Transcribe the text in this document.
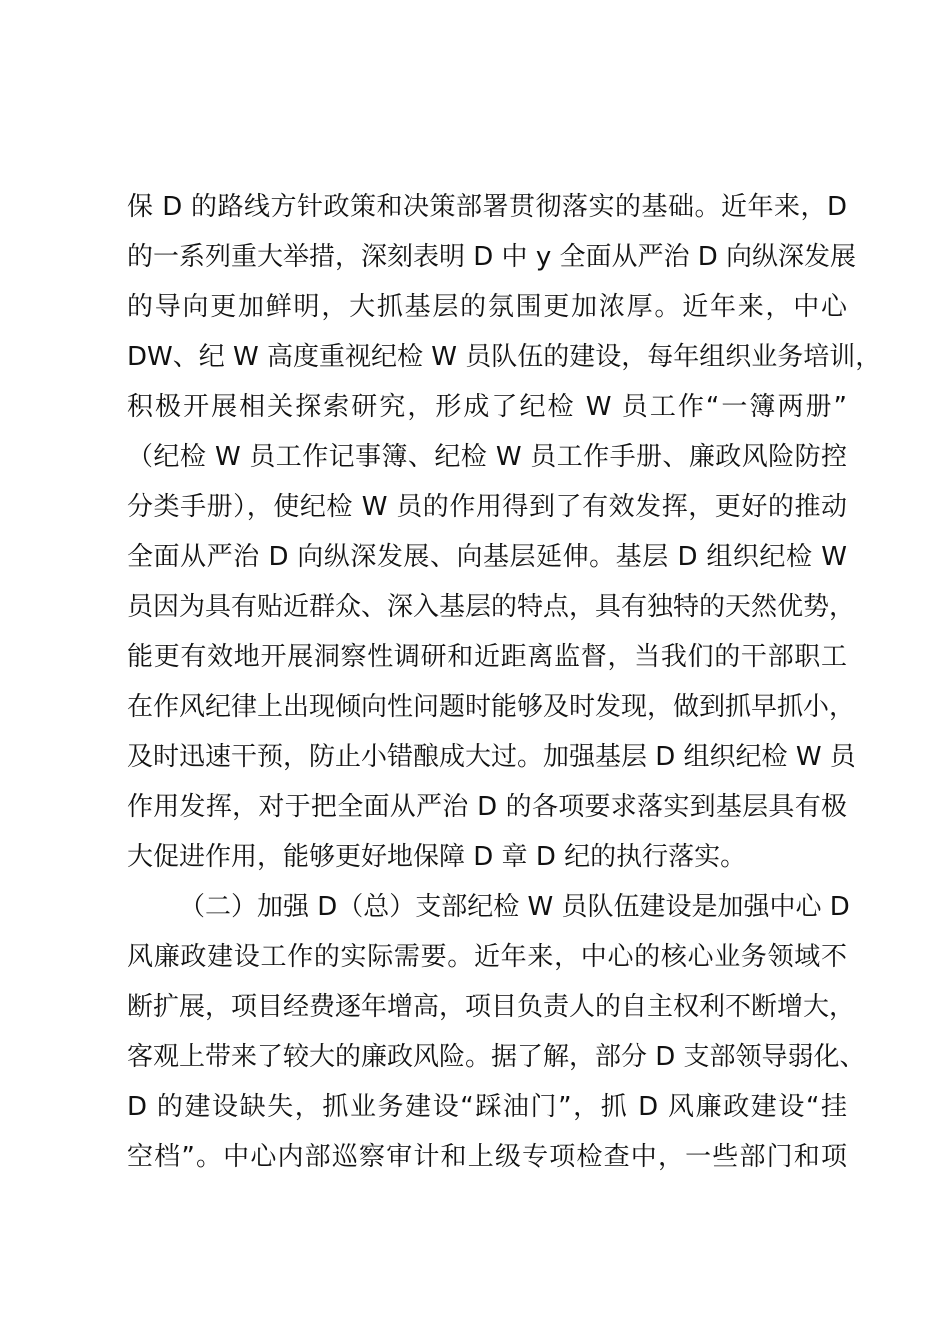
保 D 的路线方针政策和决策部署贯彻落实的基础。近年来，D
的一系列重大举措，深刻表明 D 中 y 全面从严治 D 向纵深发展
的导向更加鲜明，大抓基层的氛围更加浓厚。近年来，中心
DW、纪 W 高度重视纪检 W 员队伍的建设，每年组织业务培训，
积极开展相关探索研究，形成了纪检 W 员工作“一簿两册”
（纪检 W 员工作记事簿、纪检 W 员工作手册、廉政风险防控
分类手册），使纪检 W 员的作用得到了有效发挥，更好的推动
全面从严治 D 向纵深发展、向基层延伸。基层 D 组织纪检 W
员因为具有贴近群众、深入基层的特点，具有独特的天然优势，
能更有效地开展洞察性调研和近距离监督，当我们的干部职工
在作风纪律上出现倾向性问题时能够及时发现，做到抓早抓小，
及时迅速干预，防止小错酿成大过。加强基层 D 组织纪检 W 员
作用发挥，对于把全面从严治 D 的各项要求落实到基层具有极
大促进作用，能够更好地保障 D 章 D 纪的执行落实。
（二）加强 D（总）支部纪检 W 员队伍建设是加强中心 D
风廉政建设工作的实际需要。近年来，中心的核心业务领域不
断扩展，项目经费逐年增高，项目负责人的自主权利不断增大，
客观上带来了较大的廉政风险。据了解，部分 D 支部领导弱化、
D 的建设缺失，抓业务建设“踩油门”，抓 D 风廉政建设“挂
空档”。中心内部巡察审计和上级专项检查中，一些部门和项
